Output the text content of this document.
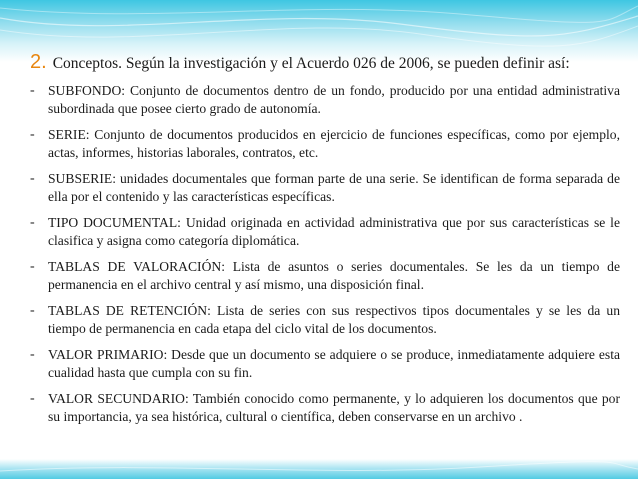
2. Conceptos. Según la investigación y el Acuerdo 026 de 2006, se pueden definir así:
- SUBFONDO: Conjunto de documentos dentro de un fondo, producido por una entidad administrativa subordinada que posee cierto grado de autonomía.
- SERIE: Conjunto de documentos producidos en ejercicio de funciones específicas, como por ejemplo, actas, informes, historias laborales, contratos, etc.
- SUBSERIE: unidades documentales que forman parte de una serie. Se identifican de forma separada de ella por el contenido y las características específicas.
- TIPO DOCUMENTAL: Unidad originada en actividad administrativa que por sus características se le clasifica y asigna como categoría diplomática.
- TABLAS DE VALORACIÓN: Lista de asuntos o series documentales. Se les da un tiempo de permanencia en el archivo central y así mismo, una disposición final.
- TABLAS DE RETENCIÓN: Lista de series con sus respectivos tipos documentales y se les da un tiempo de permanencia en cada etapa del ciclo vital de los documentos.
- VALOR PRIMARIO: Desde que un documento se adquiere o se produce, inmediatamente adquiere esta cualidad hasta que cumpla con su fin.
- VALOR SECUNDARIO: También conocido como permanente, y lo adquieren los documentos que por su importancia, ya sea histórica, cultural o científica, deben conservarse en un archivo .
